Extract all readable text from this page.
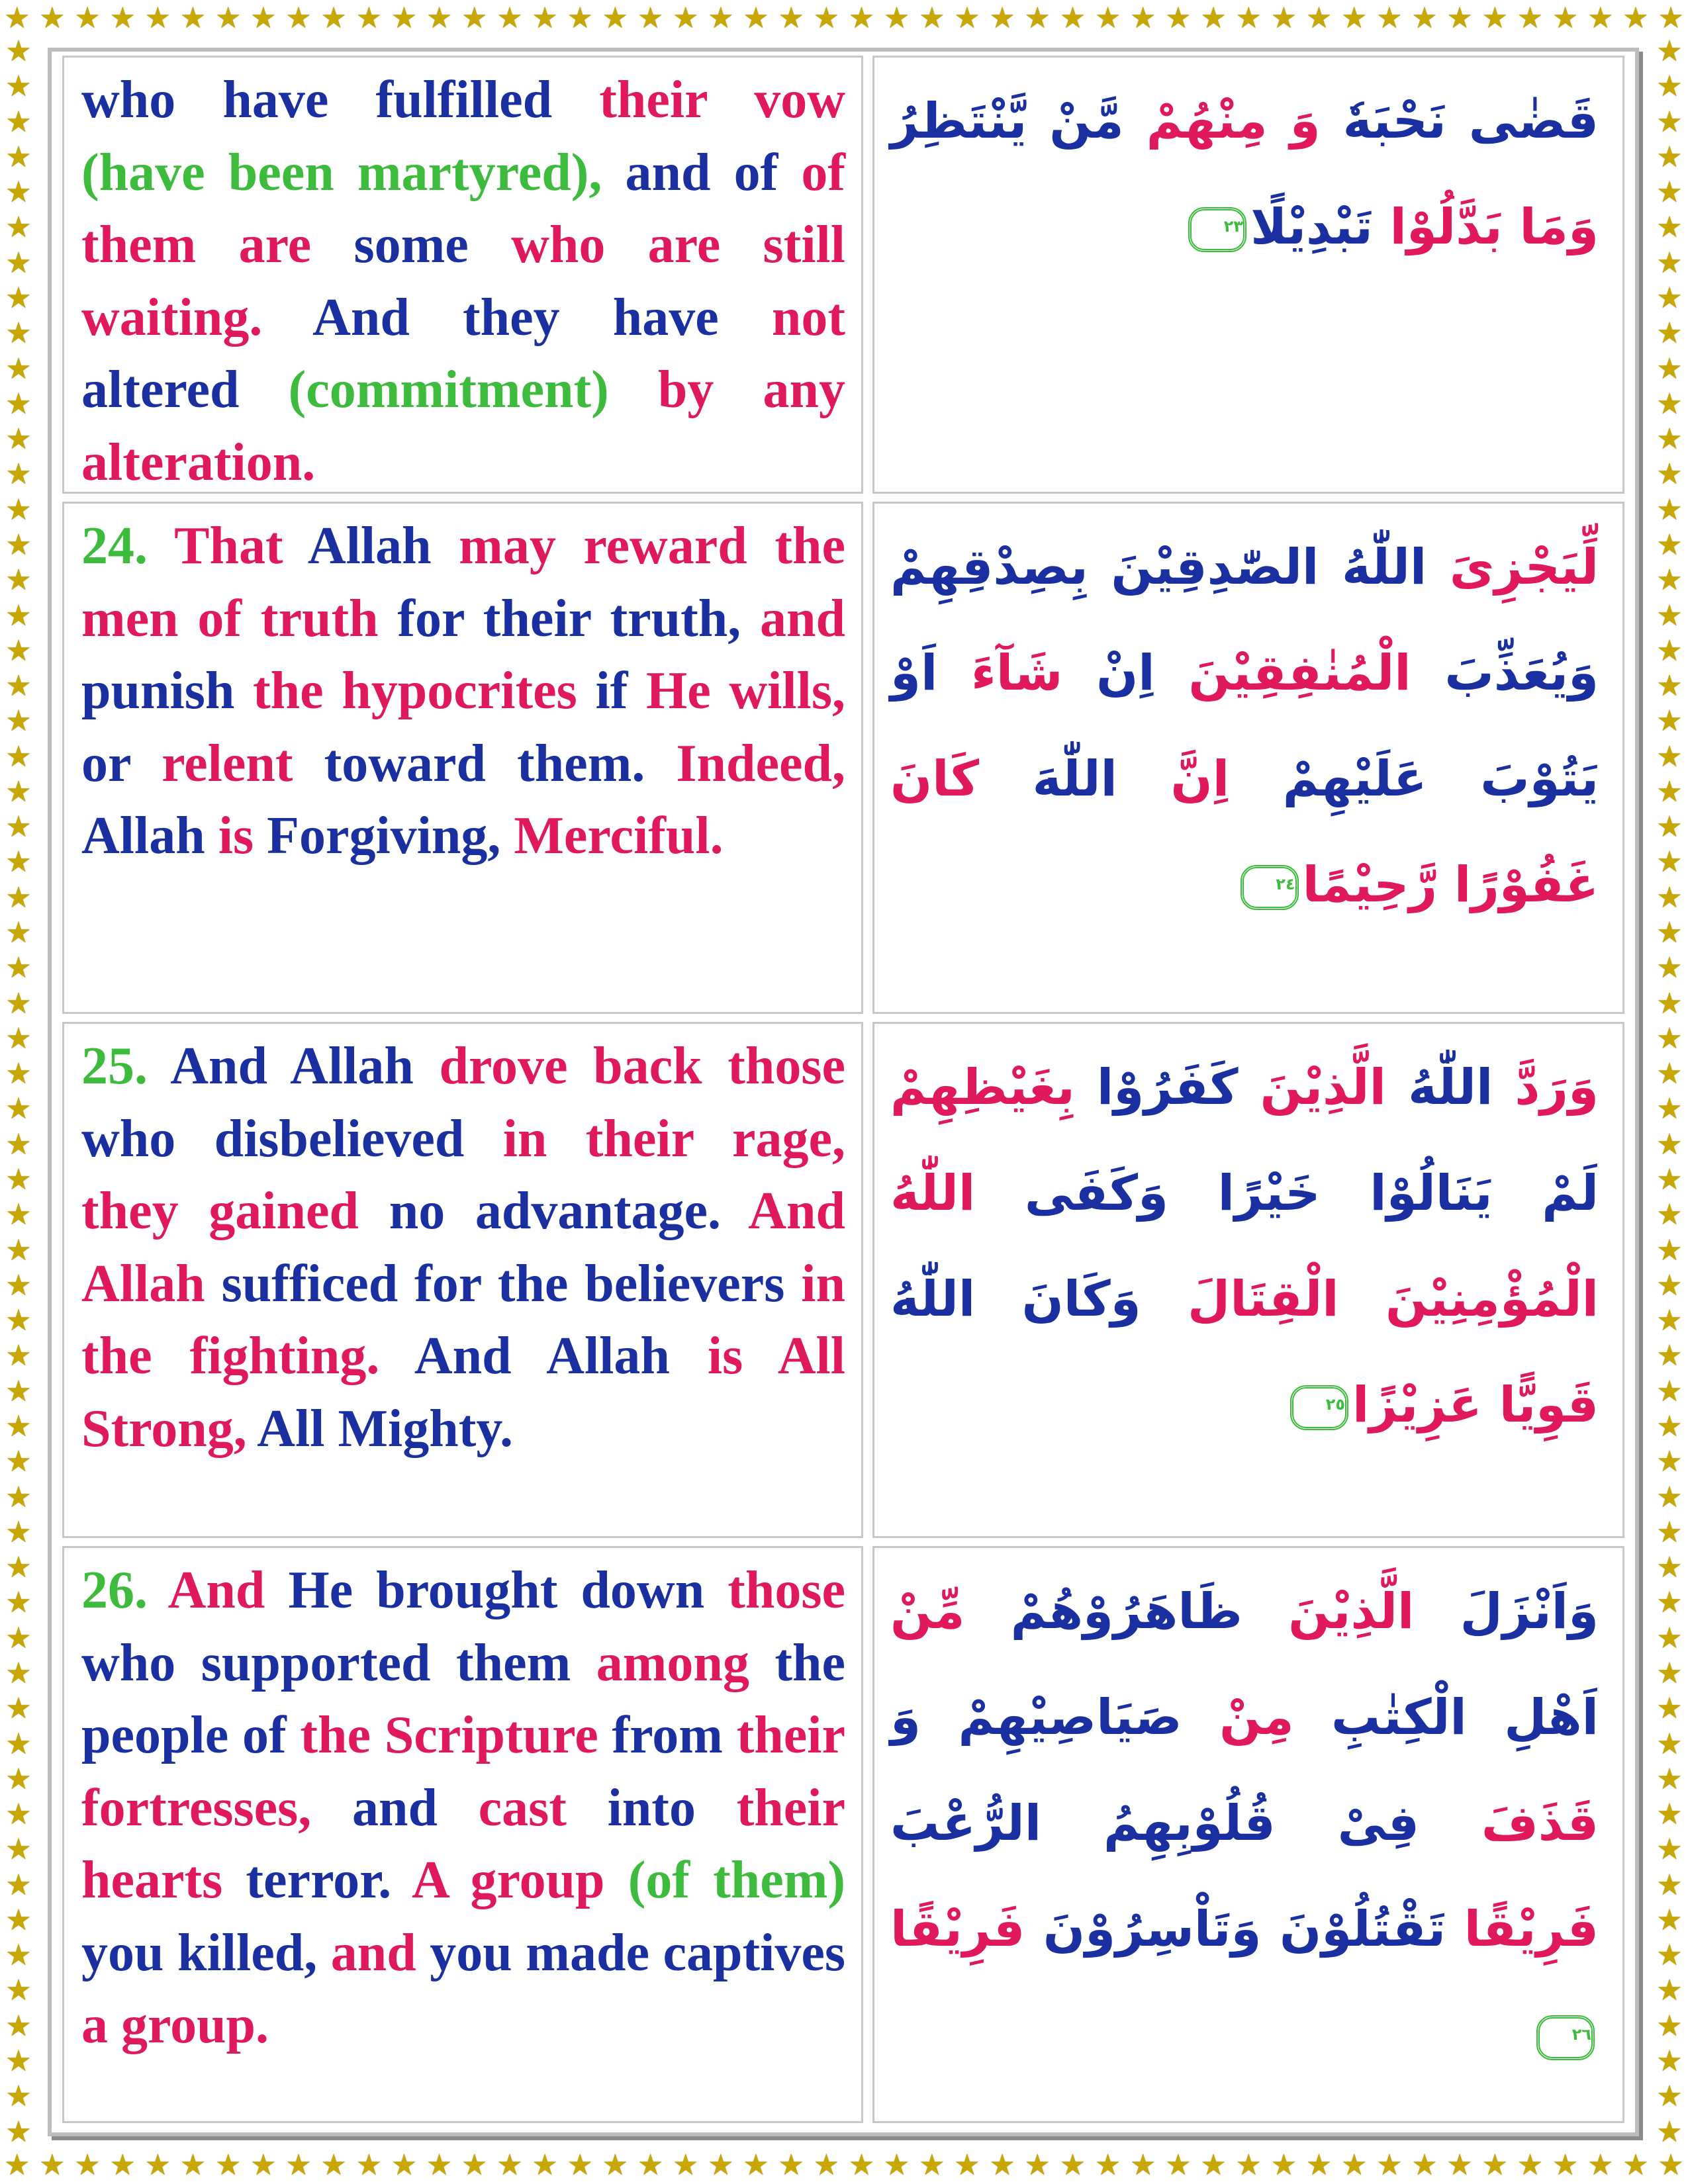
★ ★ ★ ★ ★ ★ ★ ★ ★ ★ ★ ★ ★ ★ ★ ★ ★ ★ ★ ★ ★ ★ ★ ★ ★ ★ ★ ★ ★ ★ ★ ★ ★ ★ ★ ★ ★ ★ ★ ★ ★ ★ ★ ★ ★ ★ ★ ★
★ ★ ★ ★ ★ ★ ★ ★ ★ ★ ★ ★ ★ ★ ★ ★ ★ ★ ★ ★ ★ ★ ★ ★ ★ ★ ★ ★ ★ ★ ★ ★ ★ ★ ★ ★ ★ ★ ★ ★ ★ ★ ★ ★ ★ ★ ★ ★
★
★
★
★
★
★
★
★
★
★
★
★
★
★
★
★
★
★
★
★
★
★
★
★
★
★
★
★
★
★
★
★
★
★
★
★
★
★
★
★
★
★
★
★
★
★
★
★
★
★
★
★
★
★
★
★
★
★
★
★
★
★
★
★
★
★
★
★
★
★
★
★
★
★
★
★
★
★
★
★
★
★
★
★
★
★
★
★
★
★
★
★
★
★
★
★
★
★
★
★
★
★
★
★
★
★
★
★
★
★
★
★
★
★
★
★
★
★
★
★

who have fulfilled their vow (have been martyred), and of of them are some who are still waiting. And they have not altered (commitment) by any alteration.

قَضٰى نَحْبَهٗ وَ مِنْهُمْ مَّنْ يَّنْتَظِرُ وَمَا بَدَّلُوْا تَبْدِيْلًا٢٣

24. That Allah may reward the men of truth for their truth, and punish the hypocrites if He wills, or relent toward them. Indeed, Allah is Forgiving, Merciful.

لِّيَجْزِىَ اللّٰهُ الصّٰدِقِيْنَ بِصِدْقِهِمْ وَيُعَذِّبَ الْمُنٰفِقِيْنَ اِنْ شَآءَ اَوْ يَتُوْبَ عَلَيْهِمْ اِنَّ اللّٰهَ كَانَ غَفُوْرًا رَّحِيْمًا٢٤

25. And Allah drove back those who disbelieved in their rage, they gained no advantage. And Allah sufficed for the believers in the fighting. And Allah is All Strong, All Mighty.

وَرَدَّ اللّٰهُ الَّذِيْنَ كَفَرُوْا بِغَيْظِهِمْ لَمْ يَنَالُوْا خَيْرًا وَكَفَى اللّٰهُ الْمُؤْمِنِيْنَ الْقِتَالَ وَكَانَ اللّٰهُ قَوِيًّا عَزِيْزًا٢٥

26. And He brought down those who supported them among the people of the Scripture from their fortresses, and cast into their hearts terror. A group (of them) you killed, and you made captives a group.

وَاَنْزَلَ الَّذِيْنَ ظَاهَرُوْهُمْ مِّنْ اَهْلِ الْكِتٰبِ مِنْ صَيَاصِيْهِمْ وَ قَذَفَ فِىْ قُلُوْبِهِمُ الرُّعْبَ فَرِيْقًا تَقْتُلُوْنَ وَتَاْسِرُوْنَ فَرِيْقًا٢٦
